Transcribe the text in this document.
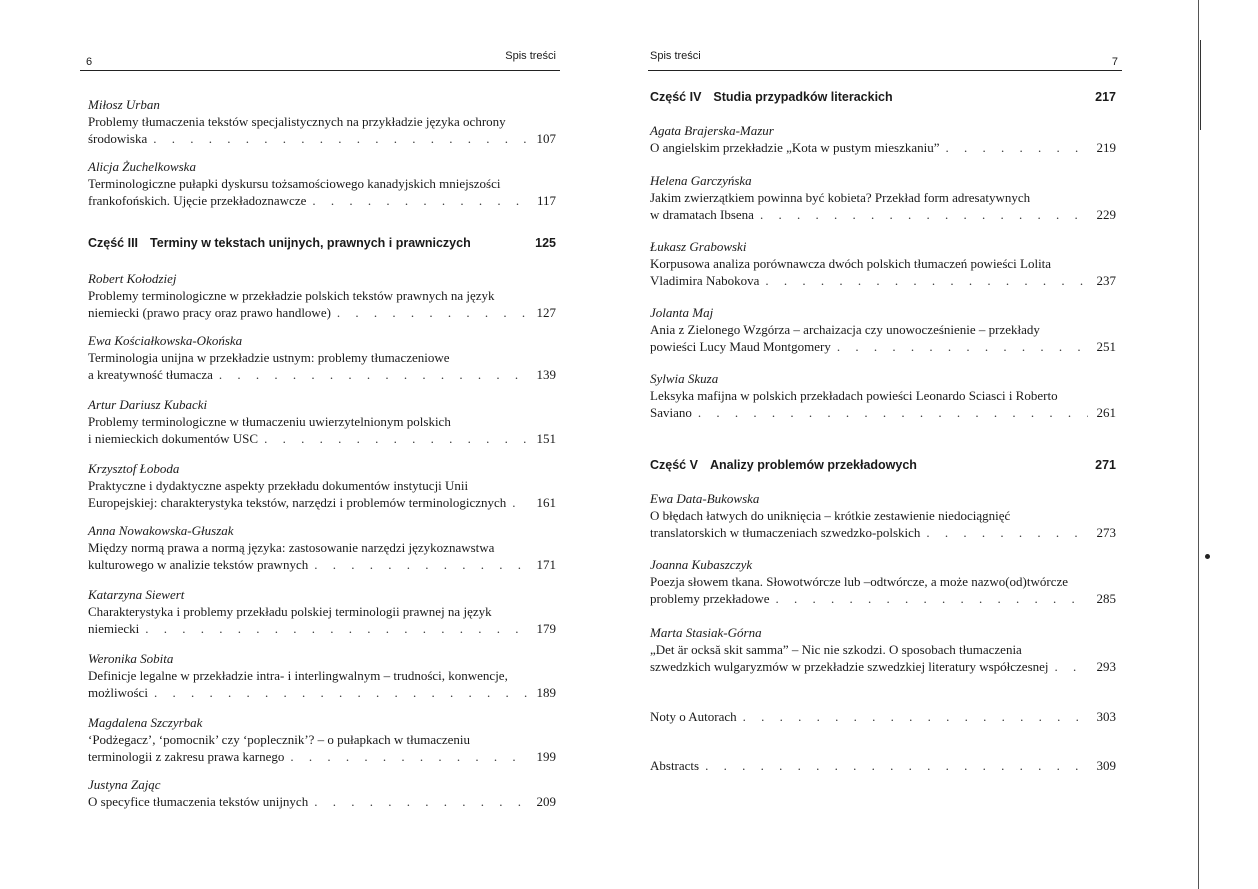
6	Spis treści
Miłosz Urban
Problemy tłumaczenia tekstów specjalistycznych na przykładzie języka ochrony
środowiska . . .	107
Alicja Żuchelkowska
Terminologiczne pułapki dyskursu tożsamościowego kanadyjskich mniejszości
frankofońskich. Ujęcie przekładoznawcze . . .	117
Część III Terminy w tekstach unijnych, prawnych i prawniczych	125
Robert Kołodziej
Problemy terminologiczne w przekładzie polskich tekstów prawnych na język
niemiecki (prawo pracy oraz prawo handlowe) . . .	127
Ewa Kościałkowska-Okońska
Terminologia unijna w przekładzie ustnym: problemy tłumaczeniowe
a kreatywność tłumacza . . .	139
Artur Dariusz Kubacki
Problemy terminologiczne w tłumaczeniu uwierzytelnionym polskich
i niemieckich dokumentów USC . . .	151
Krzysztof Łoboda
Praktyczne i dydaktyczne aspekty przekładu dokumentów instytucji Unii
Europejskiej: charakterystyka tekstów, narzędzi i problemów terminologicznych . . . 161
Anna Nowakowska-Głuszak
Między normą prawa a normą języka: zastosowanie narzędzi językoznawstwa
kulturowego w analizie tekstów prawnych . . .	171
Katarzyna Siewert
Charakterystyka i problemy przekładu polskiej terminologii prawnej na język
niemiecki . . .	179
Weronika Sobita
Definicje legalne w przekładzie intra- i interlingwalnym – trudności, konwencje,
możliwości . . .	189
Magdalena Szczyrbak
‘Podżegacz’, ‘pomocnik’ czy ‘poplecznik’? – o pułapkach w tłumaczeniu
terminologii z zakresu prawa karnego . . .	199
Justyna Zając
O specyfice tłumaczenia tekstów unijnych . . .	209
Spis treści	7
Część IV Studia przypadków literackich	217
Agata Brajerska-Mazur
O angielskim przekładzie „Kota w pustym mieszkaniu” . . .	219
Helena Garczyńska
Jakim zwierzątkiem powinna być kobieta? Przekład form adresatywnych
w dramatach Ibsena . . .	229
Łukasz Grabowski
Korpusowa analiza porównawcza dwóch polskich tłumaczeń powieści Lolita
Vladimira Nabokova . . .	237
Jolanta Maj
Ania z Zielonego Wzgórza – archaizacja czy unowocześnienie – przekłady
powieści Lucy Maud Montgomery . . .	251
Sylwia Skuza
Leksyka mafijna w polskich przekładach powieści Leonardo Sciasci i Roberto
Saviano . . .	261
Część V Analizy problemów przekładowych	271
Ewa Data-Bukowska
O błędach łatwych do uniknięcia – krótkie zestawienie niedociągnięć
translatorskich w tłumaczeniach szwedzko-polskich . . .	273
Joanna Kubaszczyk
Poezja słowem tkana. Słowotwórcze lub –odtwórcze, a może nazwo(od)twórcze
problemy przekładowe . . .	285
Marta Stasiak-Górna
„Det är ocksă skit samma” – Nic nie szkodzi. O sposobach tłumaczenia
szwedzkich wulgaryzmów w przekładzie szwedzkiej literatury współczesnej . . .	293
Noty o Autorach . . .	303
Abstracts . . .	309
